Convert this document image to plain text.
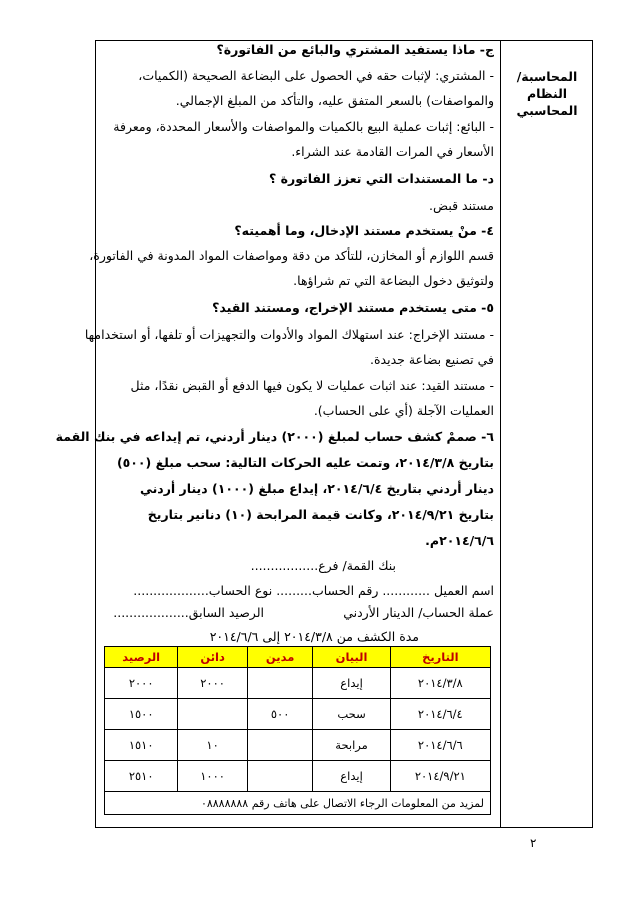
المحاسبة/
النظام
المحاسبي
ج- ماذا يستفيد المشتري والبائع من الفاتورة؟
- المشتري: لإثبات حقه في الحصول على البضاعة الصحيحة (الكميات،
والمواصفات) بالسعر المتفق عليه، والتأكد من المبلغ الإجمالي.
- البائع: إثبات عملية البيع بالكميات والمواصفات والأسعار المحددة، ومعرفة
الأسعار في المرات القادمة عند الشراء.
د- ما المستندات التي تعزز الفاتورة ؟
مستند قبض.
٤- منْ يستخدم مستند الإدخال، وما أهميته؟
قسم اللوازم أو المخازن، للتأكد من دقة ومواصفات المواد المدونة في الفاتورة،
ولتوثيق دخول البضاعة التي تم شراؤها.
٥- متى يستخدم مستند الإخراج، ومستند القيد؟
- مستند الإخراج: عند استهلاك المواد والأدوات والتجهيزات أو تلفها، أو استخدامها
في تصنيع بضاعة جديدة.
- مستند القيد: عند اثبات عمليات لا يكون فيها الدفع أو القبض نقدًا، مثل
العمليات الآجلة (أي على الحساب).
٦- صممْ كشف حساب لمبلغ (٢٠٠٠) دينار أردني، تم إيداعه في بنك القمة
بتاريخ ٢٠١٤/٣/٨، وتمت عليه الحركات التالية: سحب مبلغ (٥٠٠)
دينار أردني بتاريخ ٢٠١٤/٦/٤، إيداع مبلغ (١٠٠٠) دينار أردني
بتاريخ ٢٠١٤/٩/٢١، وكانت قيمة المرابحة (١٠) دنانير بتاريخ
٢٠١٤/٦/٦م.
بنك القمة/ فرع.................
اسم العميل ............ رقم الحساب......... نوع الحساب...................
عملة الحساب/ الدينار الأردني
الرصيد السابق...................
مدة الكشف من ٢٠١٤/٣/٨ إلى ٢٠١٤/٦/٦
التاريخ	البيان	مدين	دائن	الرصيد
٢٠١٤/٣/٨	إيداع		٢٠٠٠	٢٠٠٠
٢٠١٤/٦/٤	سحب	٥٠٠		١٥٠٠
٢٠١٤/٦/٦	مرابحة		١٠	١٥١٠
٢٠١٤/٩/٢١	إيداع		١٠٠٠	٢٥١٠
لمزيد من المعلومات الرجاء الاتصال على هاتف رقم ٠٨٨٨٨٨٨٨				
٢
